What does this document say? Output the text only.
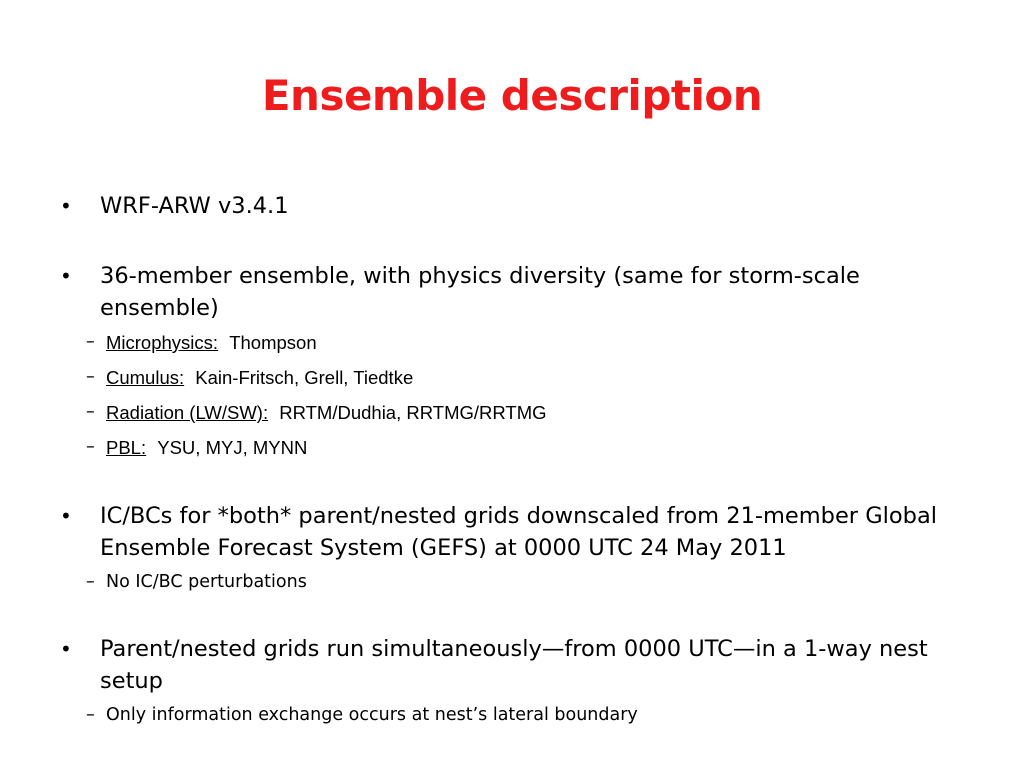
Ensemble description
•	WRF-ARW v3.4.1
•	36-member ensemble, with physics diversity (same for storm-scale ensemble)
– Microphysics: Thompson
– Cumulus: Kain-Fritsch, Grell, Tiedtke
– Radiation (LW/SW): RRTM/Dudhia, RRTMG/RRTMG
– PBL: YSU, MYJ, MYNN
•	IC/BCs for *both* parent/nested grids downscaled from 21-member Global Ensemble Forecast System (GEFS) at 0000 UTC 24 May 2011
– No IC/BC perturbations
•	Parent/nested grids run simultaneously—from 0000 UTC—in a 1-way nest setup
– Only information exchange occurs at nest’s lateral boundary
